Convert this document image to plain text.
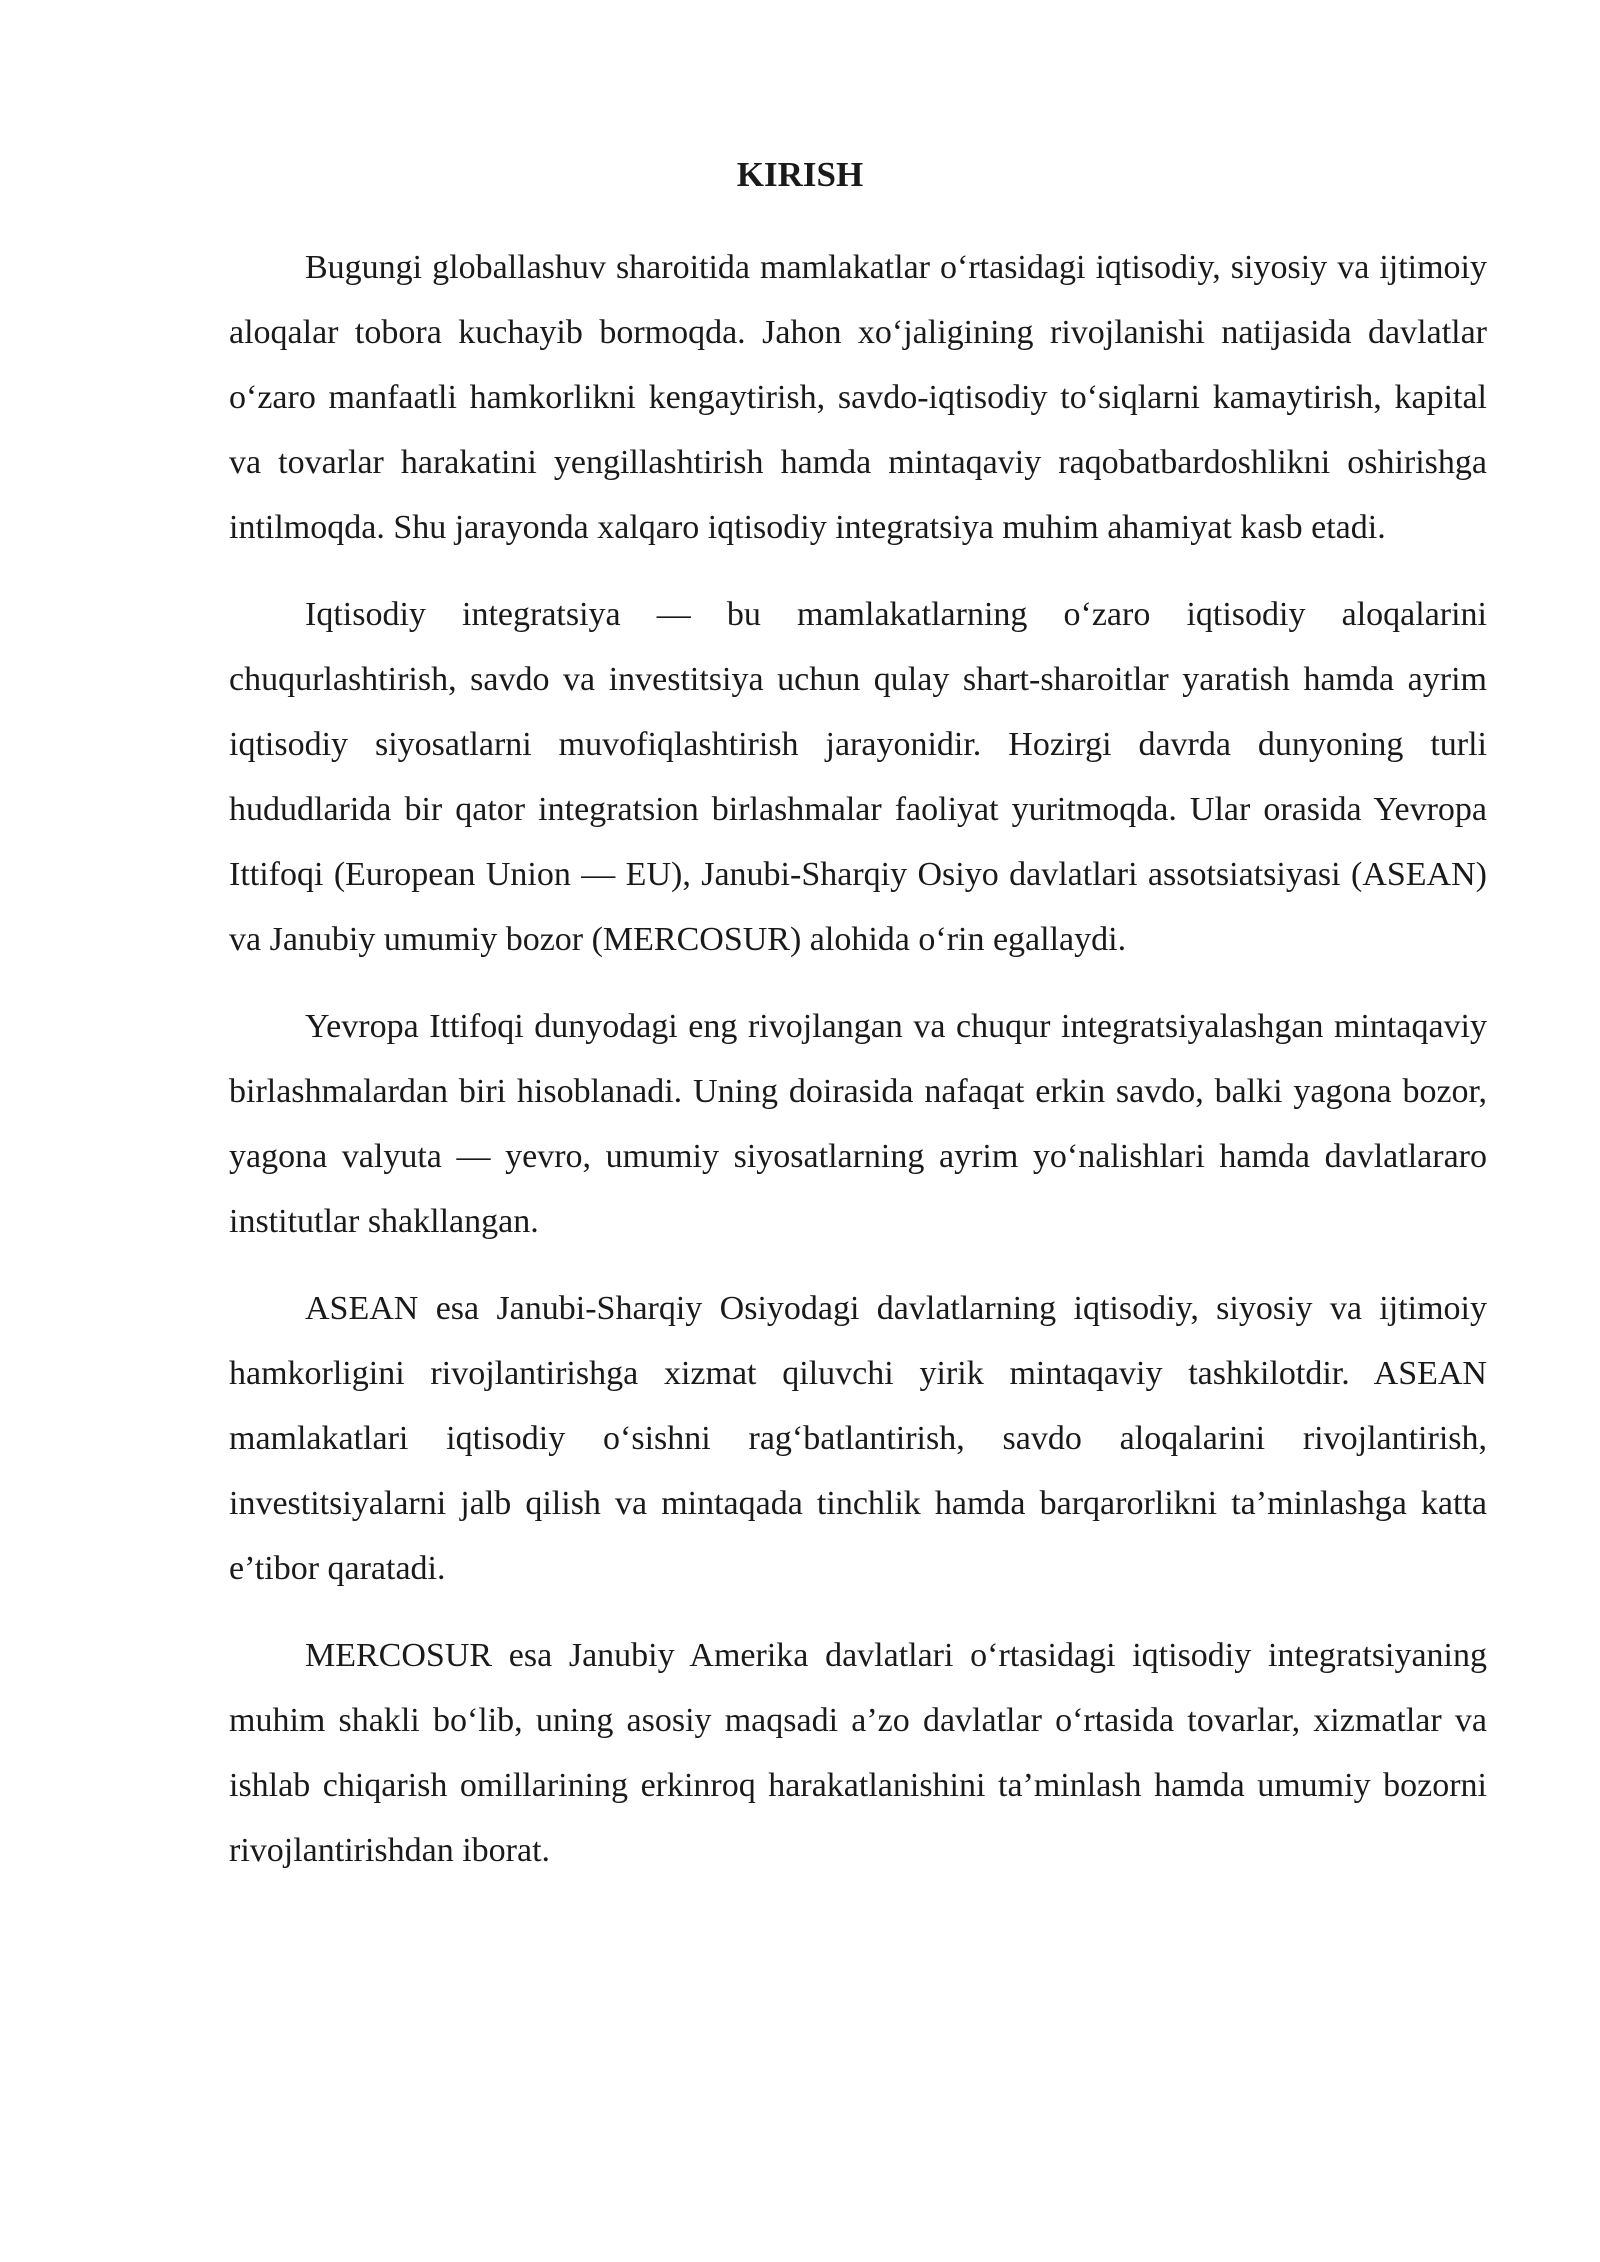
KIRISH

Bugungi globallashuv sharoitida mamlakatlar o‘rtasidagi iqtisodiy, siyosiy va ijtimoiy aloqalar tobora kuchayib bormoqda. Jahon xo‘jaligining rivojlanishi natijasida davlatlar o‘zaro manfaatli hamkorlikni kengaytirish, savdo-iqtisodiy to‘siqlarni kamaytirish, kapital va tovarlar harakatini yengillashtirish hamda mintaqaviy raqobatbardoshlikni oshirishga intilmoqda. Shu jarayonda xalqaro iqtisodiy integratsiya muhim ahamiyat kasb etadi.

Iqtisodiy integratsiya — bu mamlakatlarning o‘zaro iqtisodiy aloqalarini chuqurlashtirish, savdo va investitsiya uchun qulay shart-sharoitlar yaratish hamda ayrim iqtisodiy siyosatlarni muvofiqlashtirish jarayonidir. Hozirgi davrda dunyoning turli hududlarida bir qator integratsion birlashmalar faoliyat yuritmoqda. Ular orasida Yevropa Ittifoqi (European Union — EU), Janubi-Sharqiy Osiyo davlatlari assotsiatsiyasi (ASEAN) va Janubiy umumiy bozor (MERCOSUR) alohida o‘rin egallaydi.

Yevropa Ittifoqi dunyodagi eng rivojlangan va chuqur integratsiyalashgan mintaqaviy birlashmalardan biri hisoblanadi. Uning doirasida nafaqat erkin savdo, balki yagona bozor, yagona valyuta — yevro, umumiy siyosatlarning ayrim yo‘nalishlari hamda davlatlararo institutlar shakllangan.

ASEAN esa Janubi-Sharqiy Osiyodagi davlatlarning iqtisodiy, siyosiy va ijtimoiy hamkorligini rivojlantirishga xizmat qiluvchi yirik mintaqaviy tashkilotdir. ASEAN mamlakatlari iqtisodiy o‘sishni rag‘batlantirish, savdo aloqalarini rivojlantirish, investitsiyalarni jalb qilish va mintaqada tinchlik hamda barqarorlikni ta’minlashga katta e’tibor qaratadi.

MERCOSUR esa Janubiy Amerika davlatlari o‘rtasidagi iqtisodiy integratsiyaning muhim shakli bo‘lib, uning asosiy maqsadi a’zo davlatlar o‘rtasida tovarlar, xizmatlar va ishlab chiqarish omillarining erkinroq harakatlanishini ta’minlash hamda umumiy bozorni rivojlantirishdan iborat.
